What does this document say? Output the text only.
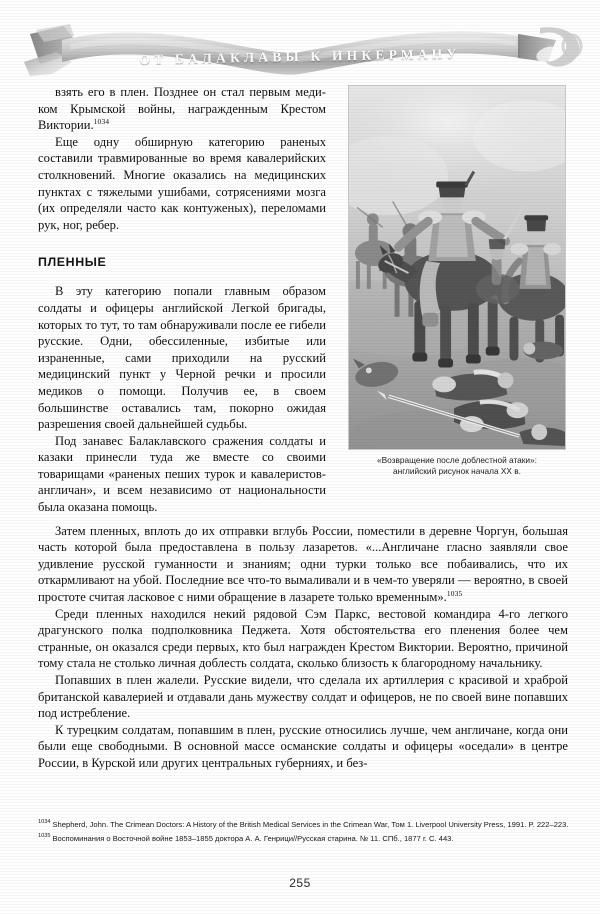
ОТ БАЛАКЛАВЫ К ИНКЕРМАНУ
«Возвращение после доблестной атаки»:
английский рисунок начала XX в.

взять его в плен. Позднее он стал первым медиком Крымской войны, награжденным Крестом Виктории.$^{1034}$

Еще одну обширную категорию раненых составили травмированные во время кавалерийских столкновений. Многие оказались на медицинских пунктах с тяжелыми ушибами, сотрясениями мозга (их определяли часто как контуженых), переломами рук, ног, ребер.

ПЛЕННЫЕ

В эту категорию попали главным образом солдаты и офицеры английской Легкой бригады, которых то тут, то там обнаруживали после ее гибели русские. Одни, обессиленные, избитые или израненные, сами приходили на русский медицинский пункт у Черной речки и просили медиков о помощи. Получив ее, в своем большинстве оставались там, покорно ожидая разрешения своей дальнейшей судьбы.

Под занавес Балаклавского сражения солдаты и казаки принесли туда же вместе со своими товарищами «раненых пеших турок и кавалеристов-англичан», и всем независимо от национальности была оказана помощь.

Затем пленных, вплоть до их отправки вглубь России, поместили в деревне Чоргун, большая часть которой была предоставлена в пользу лазаретов. «...Англичане гласно заявляли свое удивление русской гуманности и знаниям; одни турки только все побаивались, что их откармливают на убой. Последние все что-то вымаливали и в чем-то уверяли — вероятно, в своей простоте считая ласковое с ними обращение в лазарете только временным».$^{1035}$

Среди пленных находился некий рядовой Сэм Паркс, вестовой командира 4-го легкого драгунского полка подполковника Педжета. Хотя обстоятельства его пленения более чем странные, он оказался среди первых, кто был награжден Крестом Виктории. Вероятно, причиной тому стала не столько личная доблесть солдата, сколько близость к благородному начальнику.

Попавших в плен жалели. Русские видели, что сделала их артиллерия с красивой и храброй британской кавалерией и отдавали дань мужеству солдат и офицеров, не по своей вине попавших под истребление.

К турецким солдатам, попавшим в плен, русские относились лучше, чем англичане, когда они были еще свободными. В основной массе османские солдаты и офицеры «оседали» в центре России, в Курской или других центральных губерниях, и без-

$^{1034}$ Shepherd, John. The Crimean Doctors: A History of the British Medical Services in the Crimean War, Том 1. Liverpool University Press, 1991. P. 222–223.
$^{1035}$ Воспоминания о Восточной войне 1853–1855 доктора А. А. Генрици//Русская старина. № 11. СПб., 1877 г. С. 443.
255
